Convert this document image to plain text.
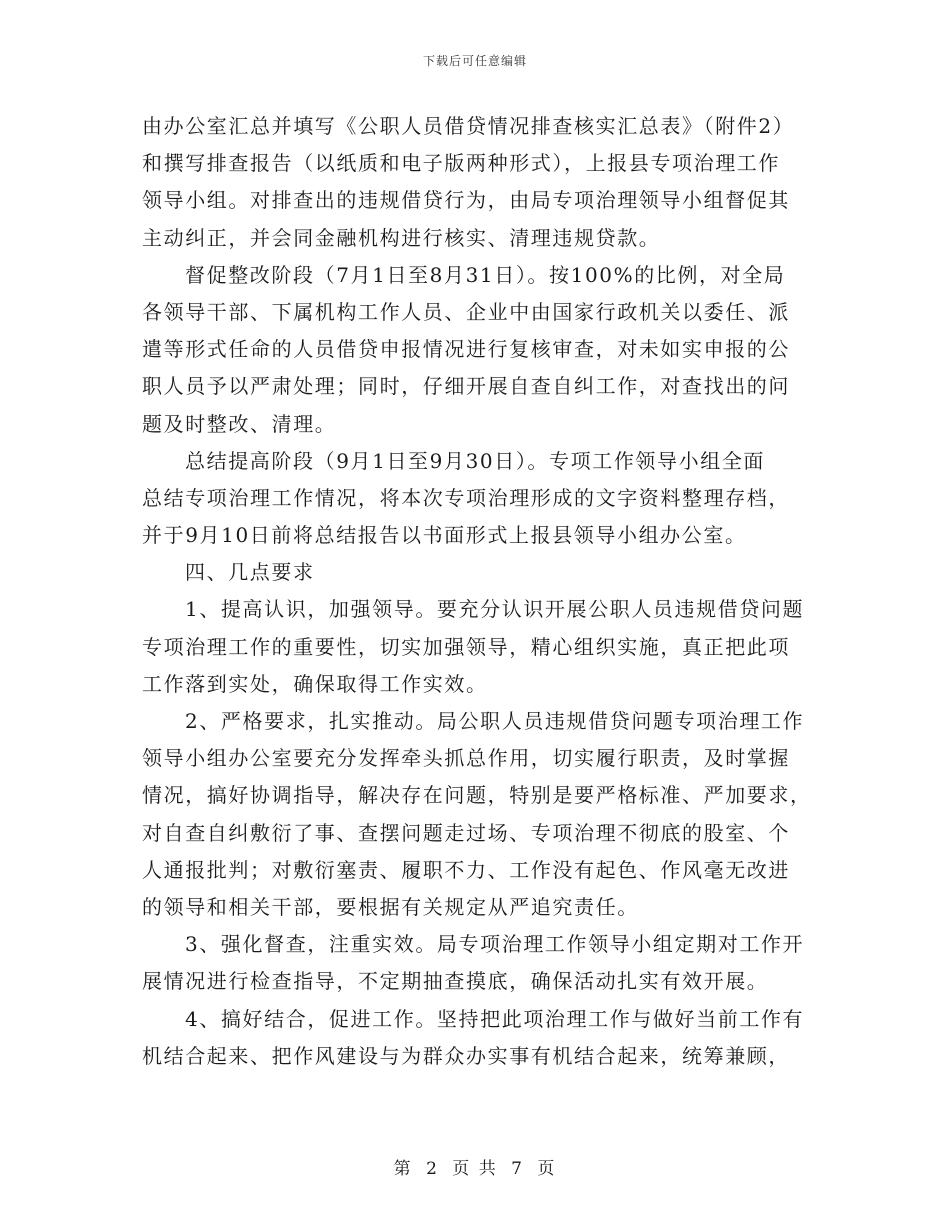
下载后可任意编辑
由办公室汇总并填写《公职人员借贷情况排查核实汇总表》（附件2）
和撰写排查报告（以纸质和电子版两种形式），上报县专项治理工作
领导小组。对排查出的违规借贷行为，由局专项治理领导小组督促其
主动纠正，并会同金融机构进行核实、清理违规贷款。
督促整改阶段（7月1日至8月31日）。按100%的比例，对全局
各领导干部、下属机构工作人员、企业中由国家行政机关以委任、派
遣等形式任命的人员借贷申报情况进行复核审查，对未如实申报的公
职人员予以严肃处理；同时，仔细开展自查自纠工作，对查找出的问
题及时整改、清理。
总结提高阶段（9月1日至9月30日）。专项工作领导小组全面
总结专项治理工作情况，将本次专项治理形成的文字资料整理存档，
并于9月10日前将总结报告以书面形式上报县领导小组办公室。
四、几点要求
1、提高认识，加强领导。要充分认识开展公职人员违规借贷问题
专项治理工作的重要性，切实加强领导，精心组织实施，真正把此项
工作落到实处，确保取得工作实效。
2、严格要求，扎实推动。局公职人员违规借贷问题专项治理工作
领导小组办公室要充分发挥牵头抓总作用，切实履行职责，及时掌握
情况，搞好协调指导，解决存在问题，特别是要严格标准、严加要求，
对自查自纠敷衍了事、查摆问题走过场、专项治理不彻底的股室、个
人通报批判；对敷衍塞责、履职不力、工作没有起色、作风毫无改进
的领导和相关干部，要根据有关规定从严追究责任。
3、强化督查，注重实效。局专项治理工作领导小组定期对工作开
展情况进行检查指导，不定期抽查摸底，确保活动扎实有效开展。
4、搞好结合，促进工作。坚持把此项治理工作与做好当前工作有
机结合起来、把作风建设与为群众办实事有机结合起来，统筹兼顾，
第 2 页 共 7 页
